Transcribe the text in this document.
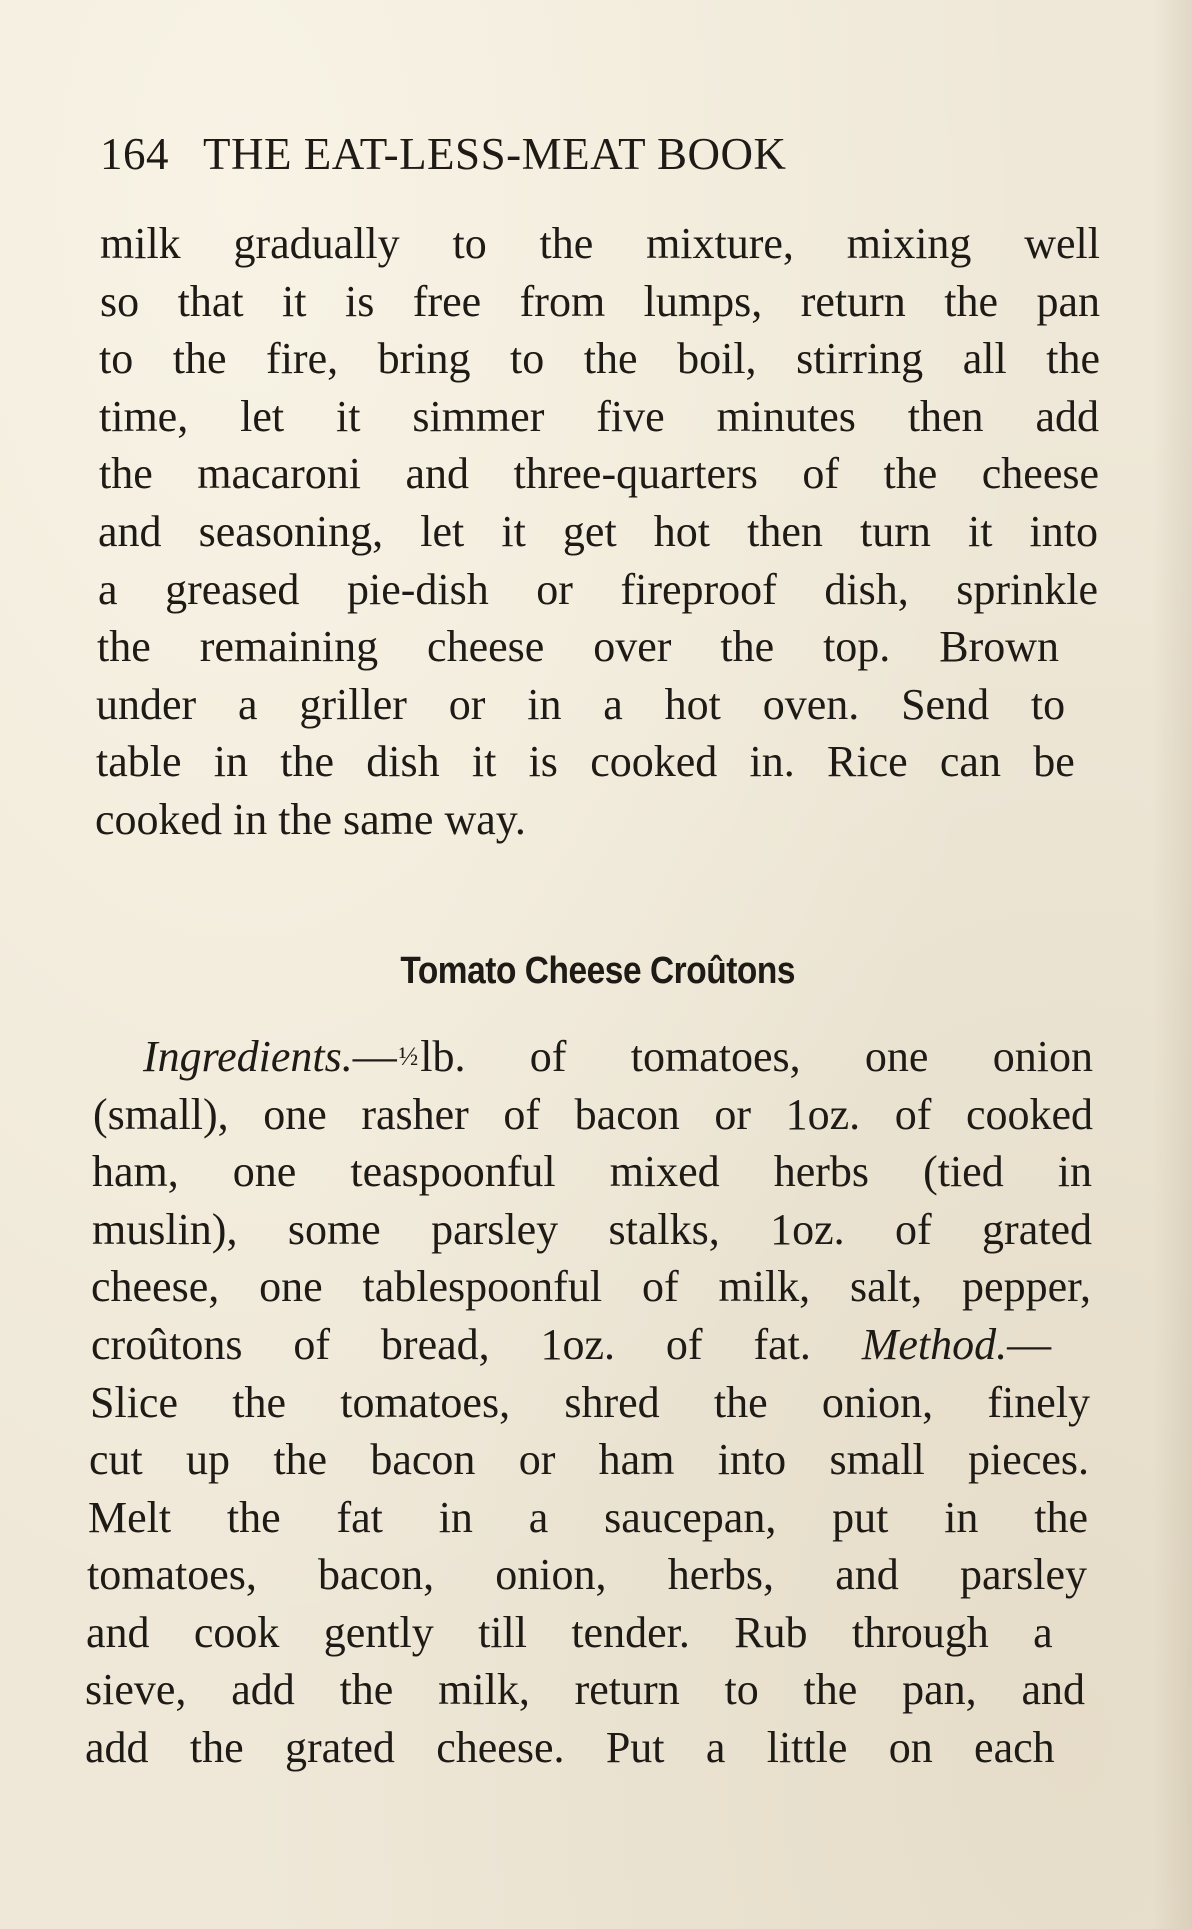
164 THE EAT-LESS-MEAT BOOK
milk gradually to the mixture, mixing well
so that it is free from lumps, return the pan
to the fire, bring to the boil, stirring all the
time, let it simmer five minutes then add
the macaroni and three-quarters of the cheese
and seasoning, let it get hot then turn it into
a greased pie-dish or fireproof dish, sprinkle
the remaining cheese over the top. Brown
under a griller or in a hot oven. Send to
table in the dish it is cooked in. Rice can be
cooked in the same way.
Tomato Cheese Croûtons
Ingredients.—½lb. of tomatoes, one onion
(small), one rasher of bacon or 1oz. of cooked
ham, one teaspoonful mixed herbs (tied in
muslin), some parsley stalks, 1oz. of grated
cheese, one tablespoonful of milk, salt, pepper,
croûtons of bread, 1oz. of fat. Method.—
Slice the tomatoes, shred the onion, finely
cut up the bacon or ham into small pieces.
Melt the fat in a saucepan, put in the
tomatoes, bacon, onion, herbs, and parsley
and cook gently till tender. Rub through a
sieve, add the milk, return to the pan, and
add the grated cheese. Put a little on each
